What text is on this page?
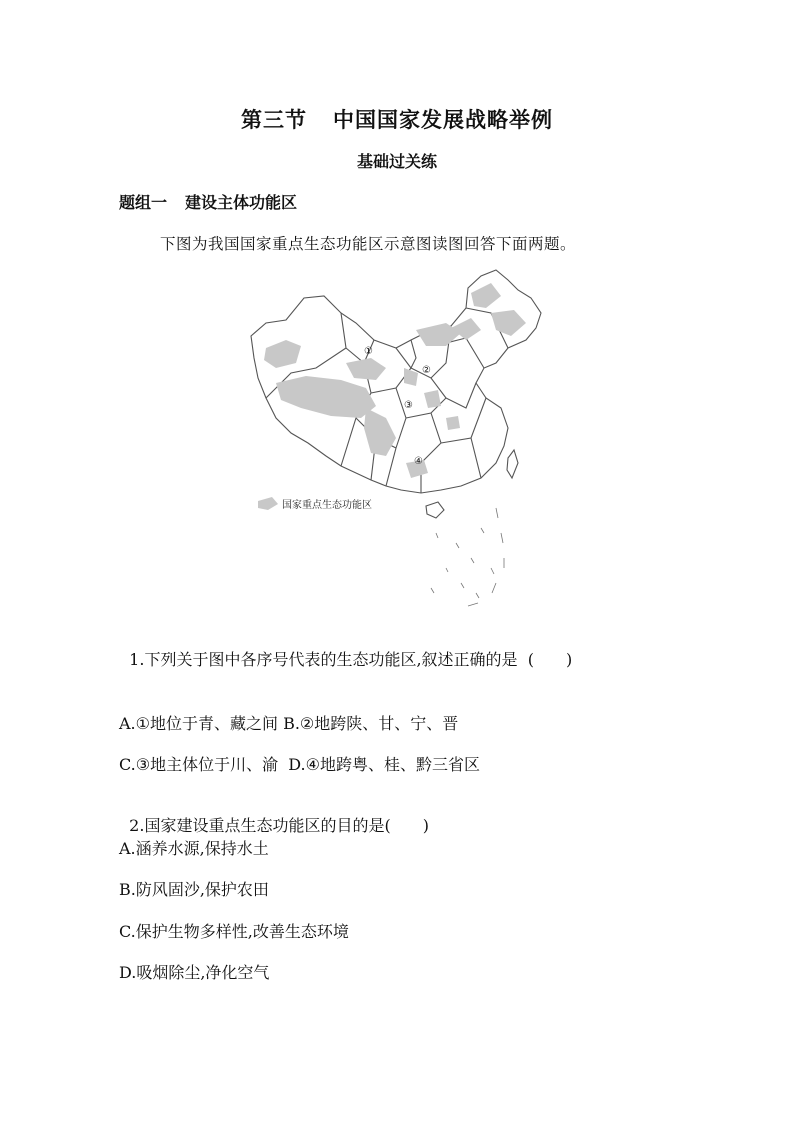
第三节 中国国家发展战略举例
基础过关练
题组一 建设主体功能区
下图为我国国家重点生态功能区示意图读图回答下面两题。
①
②
③
④
国家重点生态功能区

1.下列关于图中各序号代表的生态功能区,叙述正确的是 (　　)

A.①地位于青、藏之间 B.②地跨陕、甘、宁、晋
C.③地主体位于川、渝  D.④地跨粤、桂、黔三省区

2.国家建设重点生态功能区的目的是(　　)

A.涵养水源,保持水土
B.防风固沙,保护农田
C.保护生物多样性,改善生态环境
D.吸烟除尘,净化空气
